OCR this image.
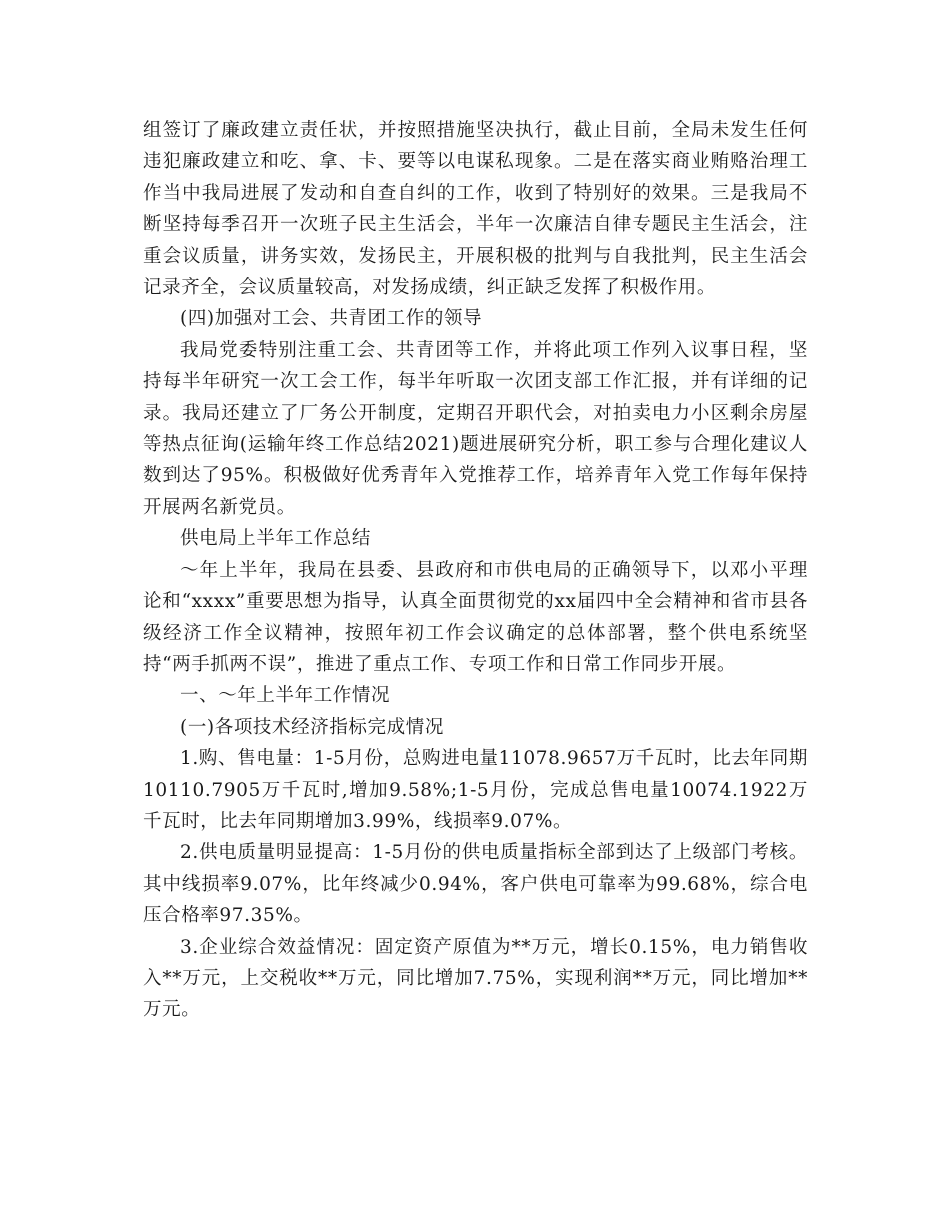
组签订了廉政建立责任状，并按照措施坚决执行，截止目前，全局未发生任何违犯廉政建立和吃、拿、卡、要等以电谋私现象。二是在落实商业贿赂治理工作当中我局进展了发动和自查自纠的工作，收到了特别好的效果。三是我局不断坚持每季召开一次班子民主生活会，半年一次廉洁自律专题民主生活会，注重会议质量，讲务实效，发扬民主，开展积极的批判与自我批判，民主生活会记录齐全，会议质量较高，对发扬成绩，纠正缺乏发挥了积极作用。

(四)加强对工会、共青团工作的领导

我局党委特别注重工会、共青团等工作，并将此项工作列入议事日程，坚持每半年研究一次工会工作，每半年听取一次团支部工作汇报，并有详细的记录。我局还建立了厂务公开制度，定期召开职代会，对拍卖电力小区剩余房屋等热点征询(运输年终工作总结2021)题进展研究分析，职工参与合理化建议人数到达了95%。积极做好优秀青年入党推荐工作，培养青年入党工作每年保持开展两名新党员。

供电局上半年工作总结

～年上半年，我局在县委、县政府和市供电局的正确领导下，以邓小平理论和“xxxx”重要思想为指导，认真全面贯彻党的xx届四中全会精神和省市县各级经济工作全议精神，按照年初工作会议确定的总体部署，整个供电系统坚持“两手抓两不误”，推进了重点工作、专项工作和日常工作同步开展。

一、～年上半年工作情况

(一)各项技术经济指标完成情况

1.购、售电量：1-5月份，总购进电量11078.9657万千瓦时，比去年同期10110.7905万千瓦时,增加9.58%;1-5月份，完成总售电量10074.1922万千瓦时，比去年同期增加3.99%，线损率9.07%。

2.供电质量明显提高：1-5月份的供电质量指标全部到达了上级部门考核。其中线损率9.07%，比年终减少0.94%，客户供电可靠率为99.68%，综合电压合格率97.35%。

3.企业综合效益情况：固定资产原值为**万元，增长0.15%，电力销售收入**万元，上交税收**万元，同比增加7.75%，实现利润**万元，同比增加**万元。
